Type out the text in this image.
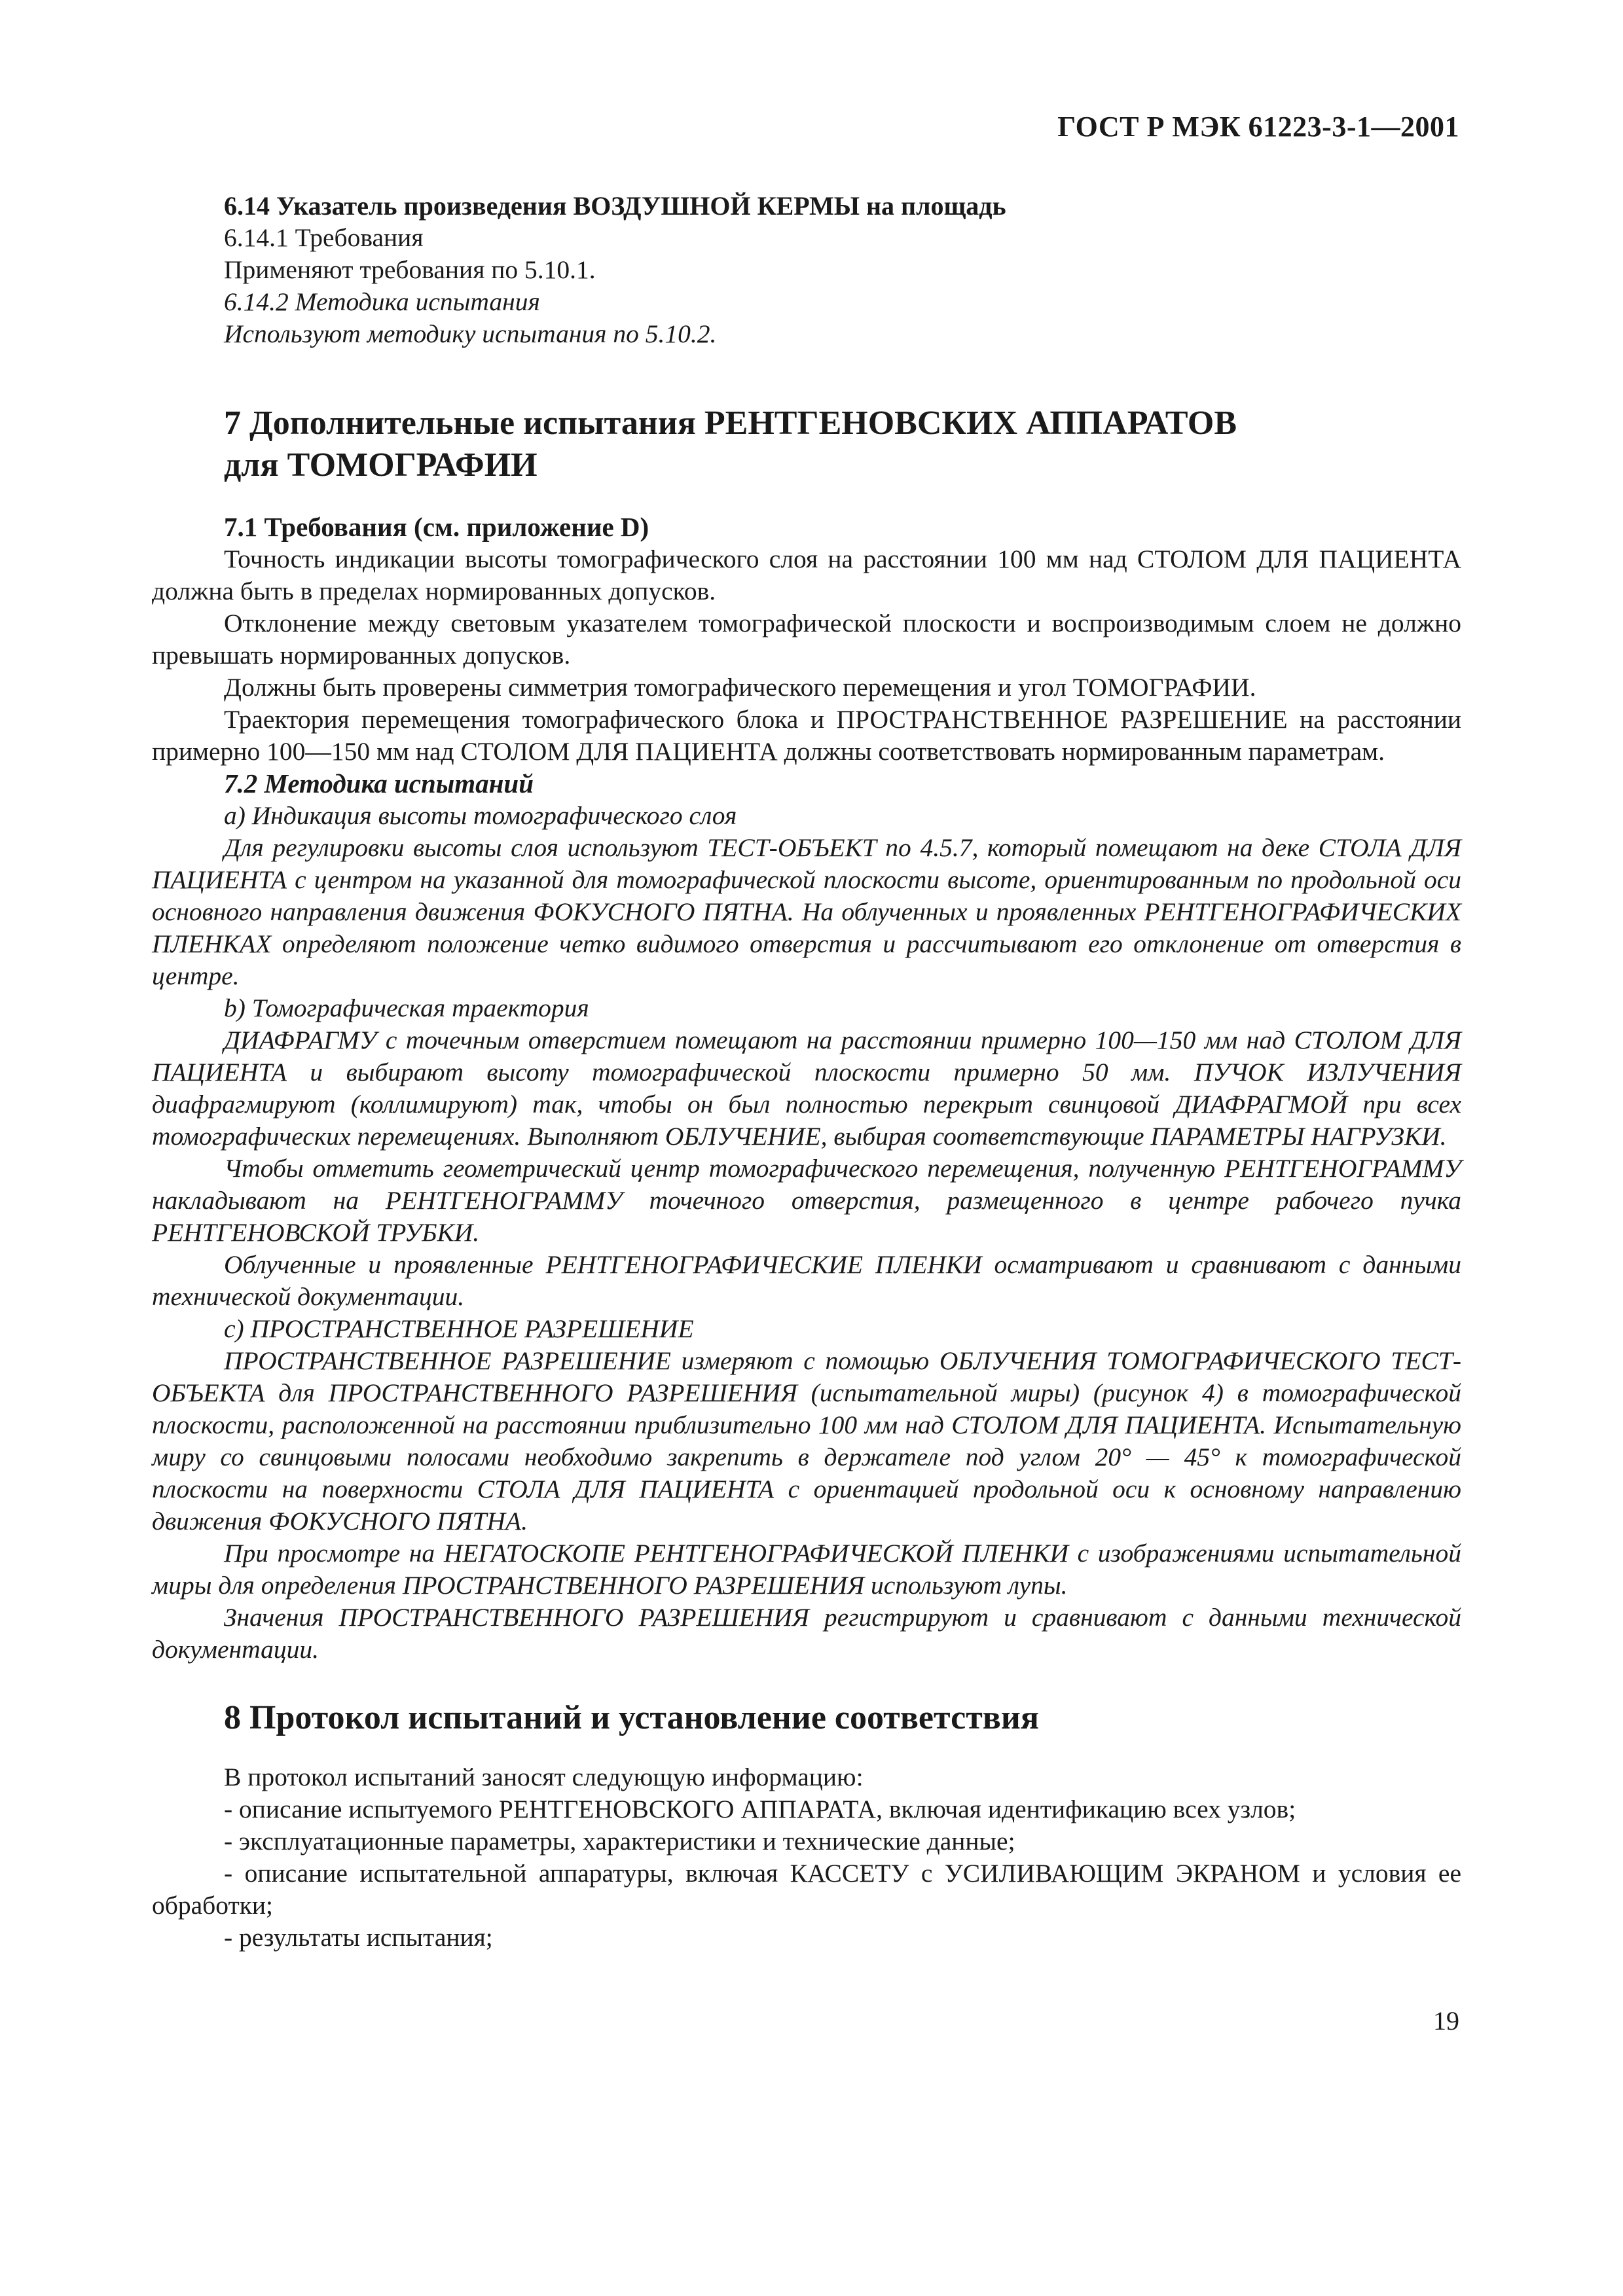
ГОСТ Р МЭК 61223-3-1—2001

6.14 Указатель произведения ВОЗДУШНОЙ КЕРМЫ на площадь

6.14.1 Требования

Применяют требования по 5.10.1.

6.14.2 Методика испытания

Используют методику испытания по 5.10.2.

7 Дополнительные испытания РЕНТГЕНОВСКИХ АППАРАТОВ
для ТОМОГРАФИИ

7.1 Требования (см. приложение D)

Точность индикации высоты томографического слоя на расстоянии 100 мм над СТОЛОМ ДЛЯ ПАЦИЕНТА должна быть в пределах нормированных допусков.

Отклонение между световым указателем томографической плоскости и воспроизводимым слоем не должно превышать нормированных допусков.

Должны быть проверены симметрия томографического перемещения и угол ТОМОГРАФИИ.

Траектория перемещения томографического блока и ПРОСТРАНСТВЕННОЕ РАЗРЕШЕНИЕ на расстоянии примерно 100—150 мм над СТОЛОМ ДЛЯ ПАЦИЕНТА должны соответствовать нормированным параметрам.

7.2 Методика испытаний

а) Индикация высоты томографического слоя

Для регулировки высоты слоя используют ТЕСТ-ОБЪЕКТ по 4.5.7, который помещают на деке СТОЛА ДЛЯ ПАЦИЕНТА с центром на указанной для томографической плоскости высоте, ориентированным по продольной оси основного направления движения ФОКУСНОГО ПЯТНА. На облученных и проявленных РЕНТГЕНОГРАФИЧЕСКИХ ПЛЕНКАХ определяют положение четко видимого отверстия и рассчитывают его отклонение от отверстия в центре.

b) Томографическая траектория

ДИАФРАГМУ с точечным отверстием помещают на расстоянии примерно 100—150 мм над СТОЛОМ ДЛЯ ПАЦИЕНТА и выбирают высоту томографической плоскости примерно 50 мм. ПУЧОК ИЗЛУЧЕНИЯ диафрагмируют (коллимируют) так, чтобы он был полностью перекрыт свинцовой ДИАФРАГМОЙ при всех томографических перемещениях. Выполняют ОБЛУЧЕНИЕ, выбирая соответствующие ПАРАМЕТРЫ НАГРУЗКИ.

Чтобы отметить геометрический центр томографического перемещения, полученную РЕНТГЕНОГРАММУ накладывают на РЕНТГЕНОГРАММУ точечного отверстия, размещенного в центре рабочего пучка РЕНТГЕНОВСКОЙ ТРУБКИ.

Облученные и проявленные РЕНТГЕНОГРАФИЧЕСКИЕ ПЛЕНКИ осматривают и сравнивают с данными технической документации.

с) ПРОСТРАНСТВЕННОЕ РАЗРЕШЕНИЕ

ПРОСТРАНСТВЕННОЕ РАЗРЕШЕНИЕ измеряют с помощью ОБЛУЧЕНИЯ ТОМОГРАФИЧЕСКОГО ТЕСТ-ОБЪЕКТА для ПРОСТРАНСТВЕННОГО РАЗРЕШЕНИЯ (испытательной миры) (рисунок 4) в томографической плоскости, расположенной на расстоянии приблизительно 100 мм над СТОЛОМ ДЛЯ ПАЦИЕНТА. Испытательную миру со свинцовыми полосами необходимо закрепить в держателе под углом 20° — 45° к томографической плоскости на поверхности СТОЛА ДЛЯ ПАЦИЕНТА с ориентацией продольной оси к основному направлению движения ФОКУСНОГО ПЯТНА.

При просмотре на НЕГАТОСКОПЕ РЕНТГЕНОГРАФИЧЕСКОЙ ПЛЕНКИ с изображениями испытательной миры для определения ПРОСТРАНСТВЕННОГО РАЗРЕШЕНИЯ используют лупы.

Значения ПРОСТРАНСТВЕННОГО РАЗРЕШЕНИЯ регистрируют и сравнивают с данными технической документации.

8 Протокол испытаний и установление соответствия

В протокол испытаний заносят следующую информацию:

- описание испытуемого РЕНТГЕНОВСКОГО АППАРАТА, включая идентификацию всех узлов;

- эксплуатационные параметры, характеристики и технические данные;

- описание испытательной аппаратуры, включая КАССЕТУ с УСИЛИВАЮЩИМ ЭКРАНОМ и условия ее обработки;

- результаты испытания;

19
